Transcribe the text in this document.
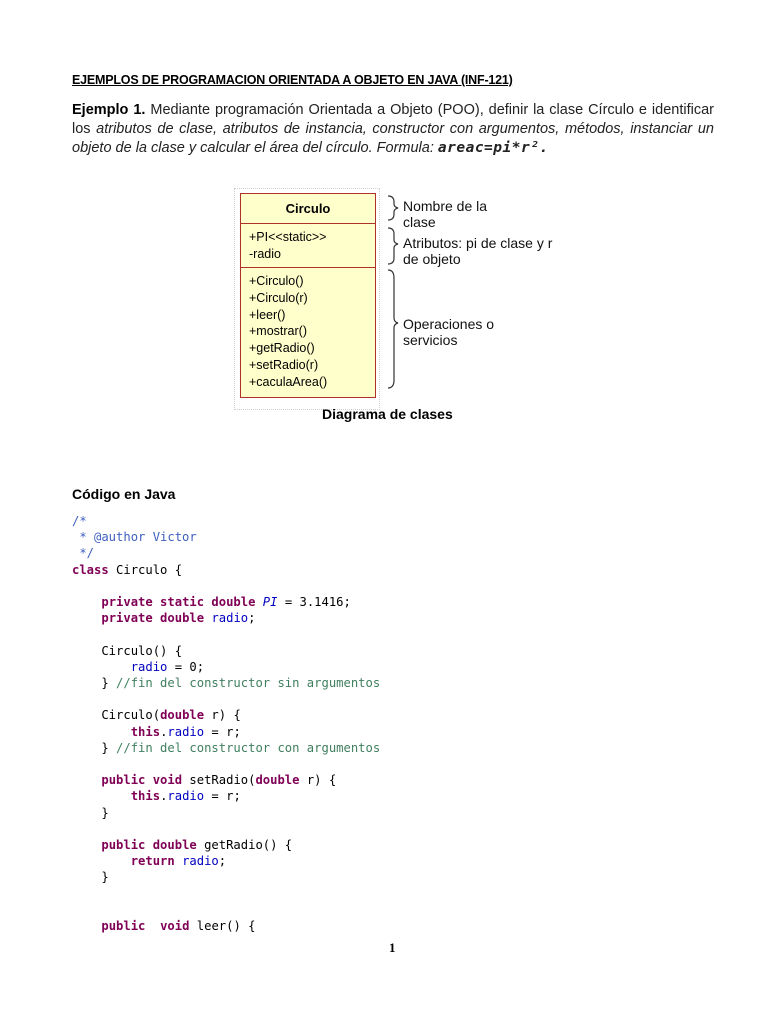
EJEMPLOS DE PROGRAMACION ORIENTADA A OBJETO EN JAVA (INF-121)
Ejemplo 1. Mediante programación Orientada a Objeto (POO), definir la clase Círculo e identificar los atributos de clase, atributos de instancia, constructor con argumentos, métodos, instanciar un objeto de la clase y calcular el área del círculo. Formula: areac=pi*r².
Circulo
+PI<<static>>
-radio
+Circulo()
+Circulo(r)
+leer()
+mostrar()
+getRadio()
+setRadio(r)
+caculaArea()
Nombre de la
clase
Atributos: pi de clase y r
de objeto
Operaciones o
servicios
Diagrama de clases
Código en Java
/*
* @author Victor
*/
class Circulo {

private static double PI = 3.1416;
private double radio;

Circulo() {
radio = 0;
} //fin del constructor sin argumentos

Circulo(double r) {
this.radio = r;
} //fin del constructor con argumentos

public void setRadio(double r) {
this.radio = r;
}

public double getRadio() {
return radio;
}

public void leer() {
1
